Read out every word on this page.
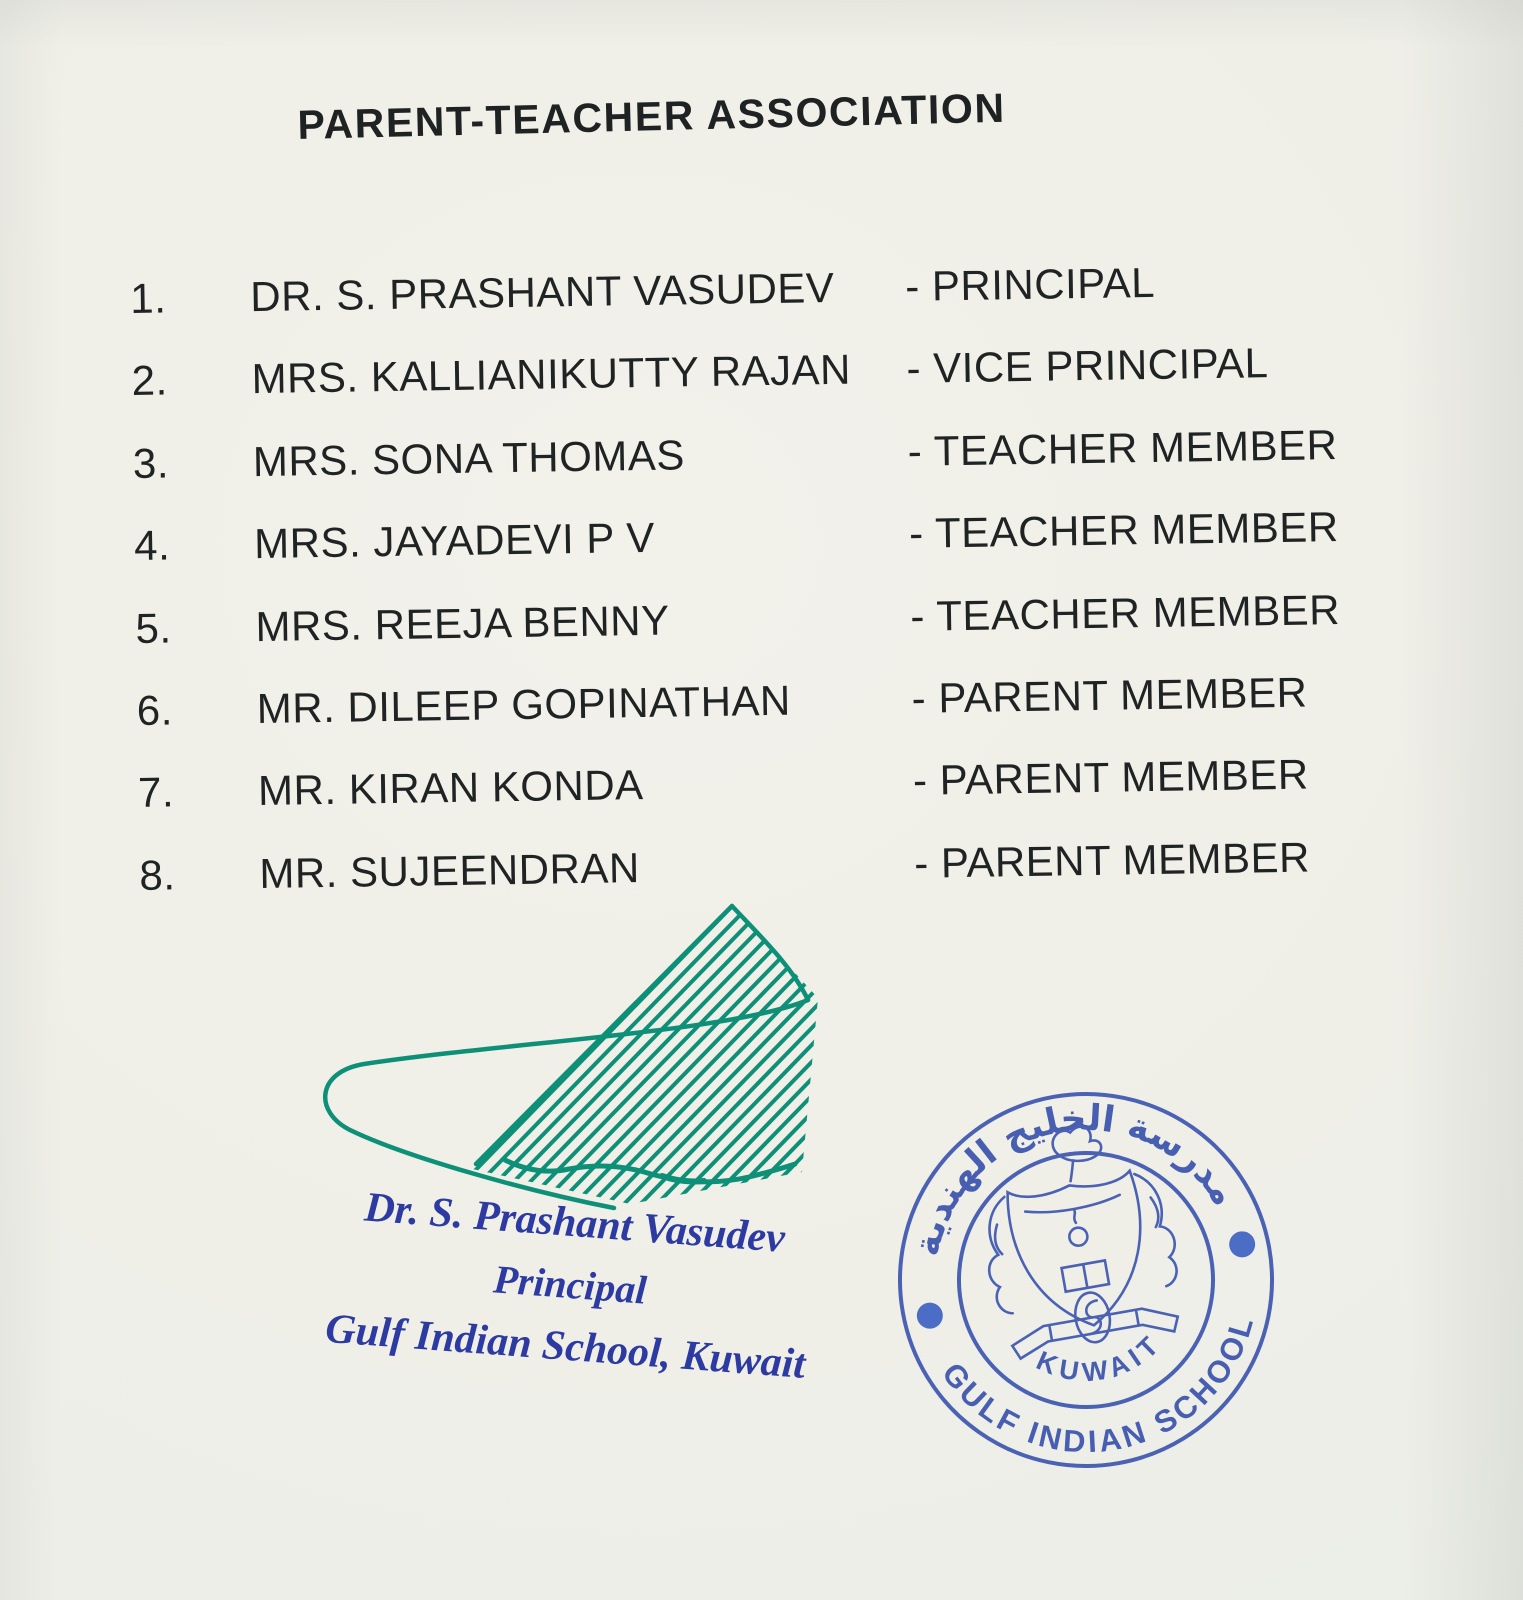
PARENT-TEACHER ASSOCIATION
1.	DR. S. PRASHANT VASUDEV	- PRINCIPAL
2.	MRS. KALLIANIKUTTY RAJAN	- VICE PRINCIPAL
3.	MRS. SONA THOMAS	- TEACHER MEMBER
4.	MRS. JAYADEVI P V	- TEACHER MEMBER
5.	MRS. REEJA BENNY	- TEACHER MEMBER
6.	MR. DILEEP GOPINATHAN	- PARENT MEMBER
7.	MR. KIRAN KONDA	- PARENT MEMBER
8.	MR. SUJEENDRAN	- PARENT MEMBER
Dr. S. Prashant Vasudev
Principal
Gulf Indian School, Kuwait
مدرسة الخليج الهندية
GULF INDIAN SCHOOL
KUWAIT
